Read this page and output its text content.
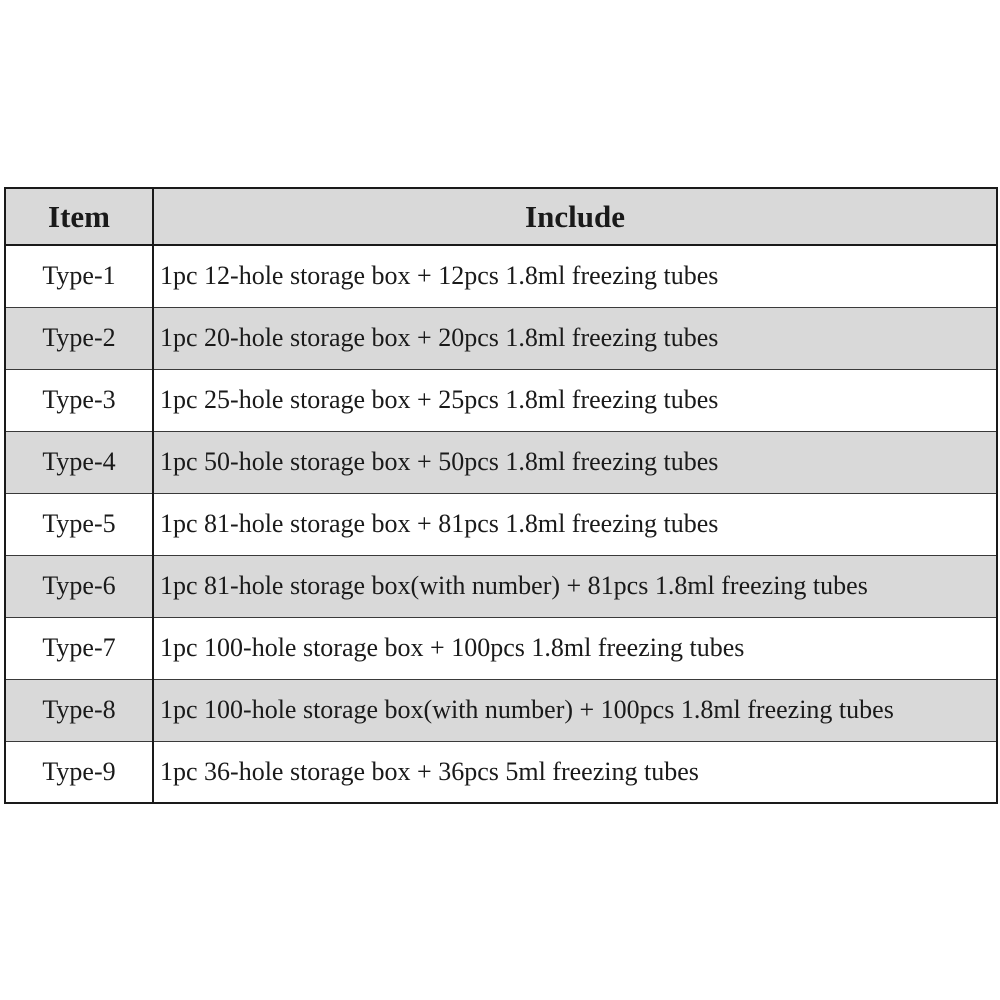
Item	Include
Type-1	1pc 12-hole storage box + 12pcs 1.8ml freezing tubes
Type-2	1pc 20-hole storage box + 20pcs 1.8ml freezing tubes
Type-3	1pc 25-hole storage box + 25pcs 1.8ml freezing tubes
Type-4	1pc 50-hole storage box + 50pcs 1.8ml freezing tubes
Type-5	1pc 81-hole storage box + 81pcs 1.8ml freezing tubes
Type-6	1pc 81-hole storage box(with number) + 81pcs 1.8ml freezing tubes
Type-7	1pc 100-hole storage box + 100pcs 1.8ml freezing tubes
Type-8	1pc 100-hole storage box(with number) + 100pcs 1.8ml freezing tubes
Type-9	1pc 36-hole storage box + 36pcs 5ml freezing tubes
